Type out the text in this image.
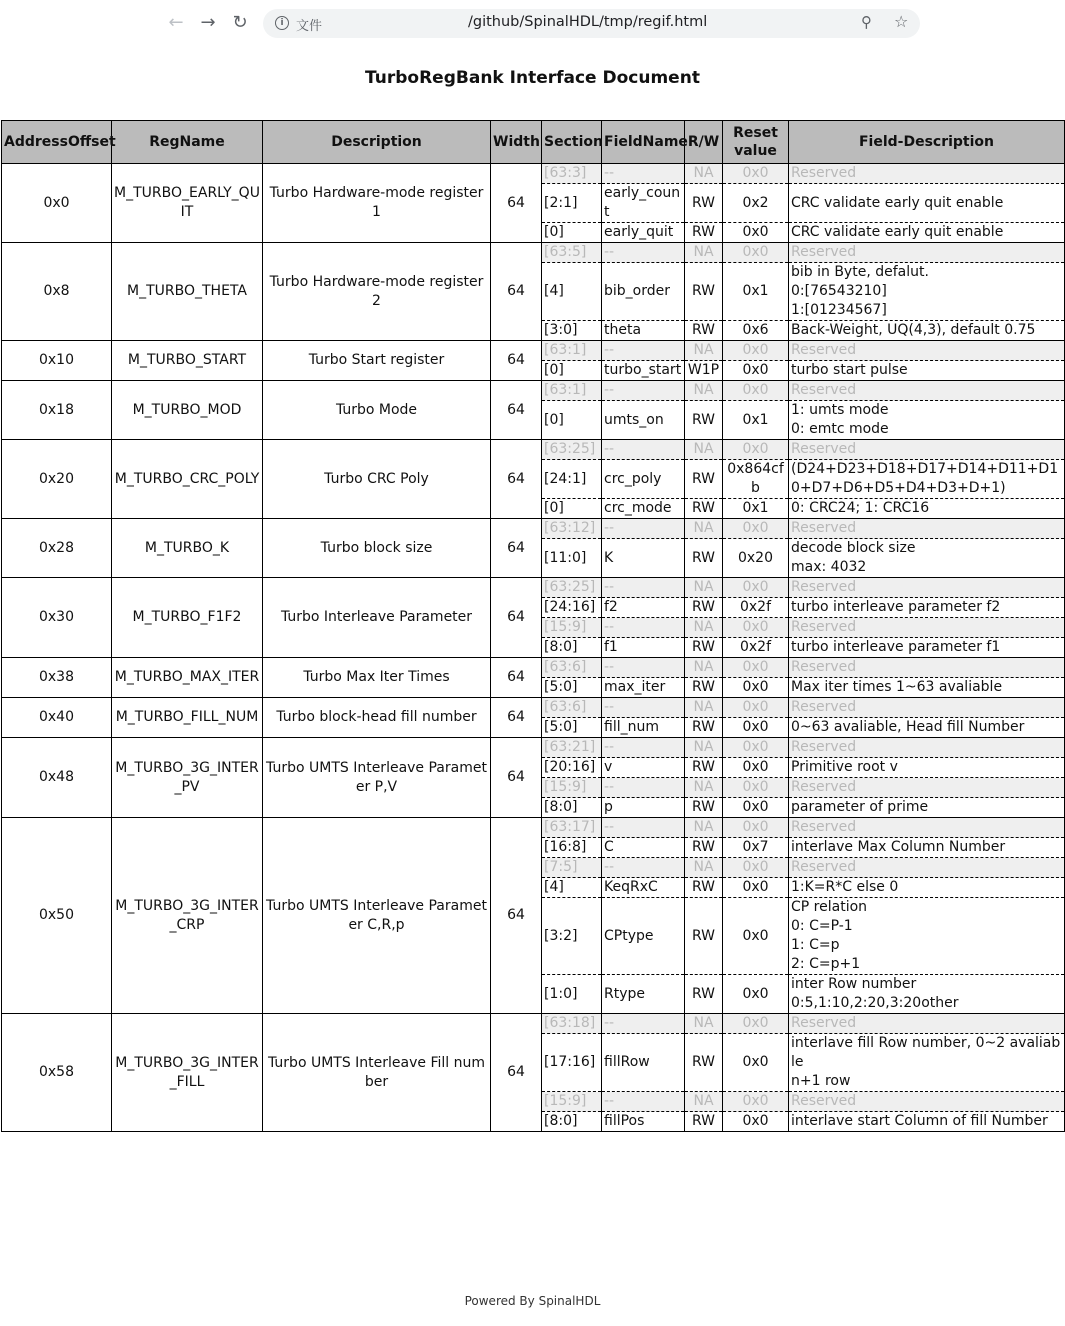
← → ↻	i 文件	/github/SpinalHDL/tmp/regif.html	⚲ ☆
TurboRegBank Interface Document
AddressOffset	RegName	Description	Width	Section	FieldName	R/W	Reset value	Field-Description
0x0	M_TURBO_EARLY_QUIT	Turbo Hardware-mode register 1	64	[63:3]	--	NA	0x0	Reserved
				[2:1]	early_count	RW	0x2	CRC validate early quit enable
				[0]	early_quit	RW	0x0	CRC validate early quit enable
0x8	M_TURBO_THETA	Turbo Hardware-mode register 2	64	[63:5]	--	NA	0x0	Reserved
				[4]	bib_order	RW	0x1	bib in Byte, defalut.
0:[76543210]
1:[01234567]
				[3:0]	theta	RW	0x6	Back-Weight, UQ(4,3), default 0.75
0x10	M_TURBO_START	Turbo Start register	64	[63:1]	--	NA	0x0	Reserved
				[0]	turbo_start	W1P	0x0	turbo start pulse
0x18	M_TURBO_MOD	Turbo Mode	64	[63:1]	--	NA	0x0	Reserved
				[0]	umts_on	RW	0x1	1: umts mode
0: emtc mode
0x20	M_TURBO_CRC_POLY	Turbo CRC Poly	64	[63:25]	--	NA	0x0	Reserved
				[24:1]	crc_poly	RW	0x864cfb	(D24+D23+D18+D17+D14+D11+D10+D7+D6+D5+D4+D3+D+1)
				[0]	crc_mode	RW	0x1	0: CRC24; 1: CRC16
0x28	M_TURBO_K	Turbo block size	64	[63:12]	--	NA	0x0	Reserved
				[11:0]	K	RW	0x20	decode block size
max: 4032
0x30	M_TURBO_F1F2	Turbo Interleave Parameter	64	[63:25]	--	NA	0x0	Reserved
				[24:16]	f2	RW	0x2f	turbo interleave parameter f2
				[15:9]	--	NA	0x0	Reserved
				[8:0]	f1	RW	0x2f	turbo interleave parameter f1
0x38	M_TURBO_MAX_ITER	Turbo Max Iter Times	64	[63:6]	--	NA	0x0	Reserved
				[5:0]	max_iter	RW	0x0	Max iter times 1~63 avaliable
0x40	M_TURBO_FILL_NUM	Turbo block-head fill number	64	[63:6]	--	NA	0x0	Reserved
				[5:0]	fill_num	RW	0x0	0~63 avaliable, Head fill Number
0x48	M_TURBO_3G_INTER_PV	Turbo UMTS Interleave Parameter P,V	64	[63:21]	--	NA	0x0	Reserved
				[20:16]	v	RW	0x0	Primitive root v
				[15:9]	--	NA	0x0	Reserved
				[8:0]	p	RW	0x0	parameter of prime
0x50	M_TURBO_3G_INTER_CRP	Turbo UMTS Interleave Parameter C,R,p	64	[63:17]	--	NA	0x0	Reserved
				[16:8]	C	RW	0x7	interlave Max Column Number
				[7:5]	--	NA	0x0	Reserved
				[4]	KeqRxC	RW	0x0	1:K=R*C else 0
				[3:2]	CPtype	RW	0x0	CP relation
0: C=P-1
1: C=p
2: C=p+1
				[1:0]	Rtype	RW	0x0	inter Row number
0:5,1:10,2:20,3:20other
0x58	M_TURBO_3G_INTER_FILL	Turbo UMTS Interleave Fill number	64	[63:18]	--	NA	0x0	Reserved
				[17:16]	fillRow	RW	0x0	interlave fill Row number, 0~2 avaliable
n+1 row
				[15:9]	--	NA	0x0	Reserved
				[8:0]	fillPos	RW	0x0	interlave start Column of fill Number
Powered By SpinalHDL
